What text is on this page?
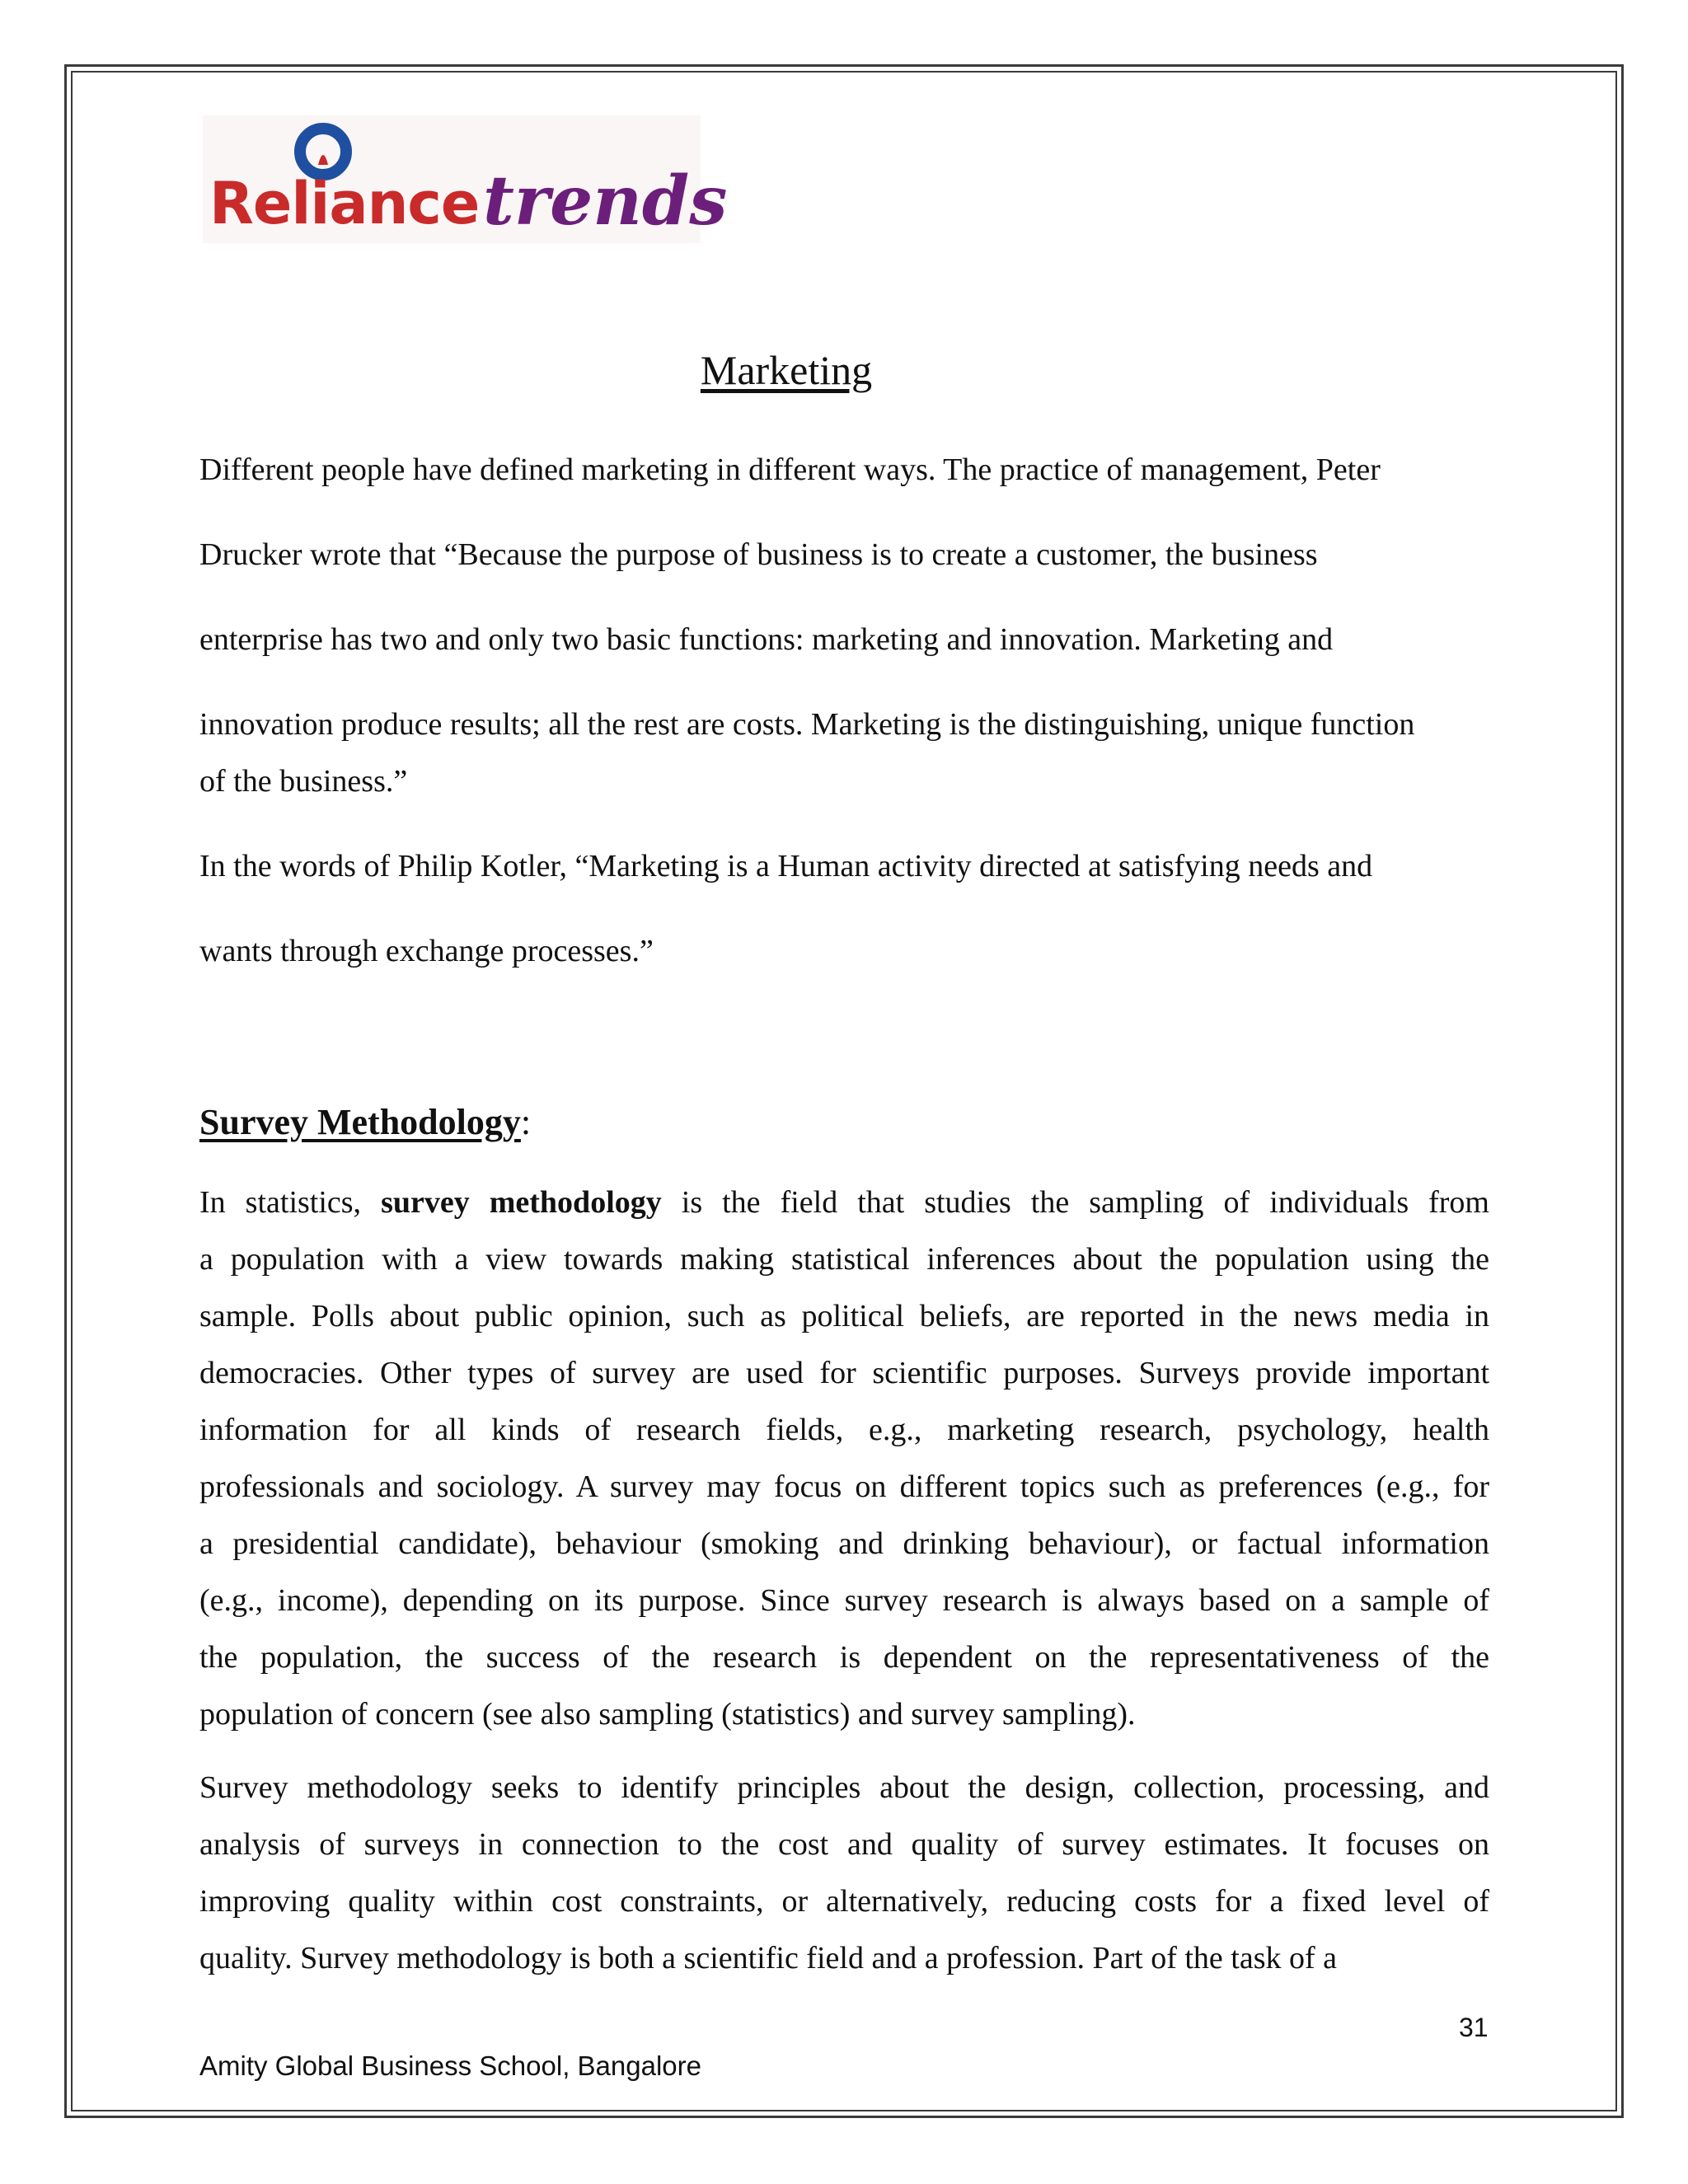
Reliance trends
Marketing
Different people have defined marketing in different ways. The practice of management, Peter
Drucker wrote that “Because the purpose of business is to create a customer, the business
enterprise has two and only two basic functions: marketing and innovation. Marketing and
innovation produce results; all the rest are costs. Marketing is the distinguishing, unique function
of the business.”
In the words of Philip Kotler, “Marketing is a Human activity directed at satisfying needs and
wants through exchange processes.”
Survey Methodology:
In statistics, survey methodology is the field that studies the sampling of individuals from
a population with a view towards making statistical inferences about the population using the
sample. Polls about public opinion, such as political beliefs, are reported in the news media in
democracies. Other types of survey are used for scientific purposes. Surveys provide important
information for all kinds of research fields, e.g., marketing research, psychology, health
professionals and sociology. A survey may focus on different topics such as preferences (e.g., for
a presidential candidate), behaviour (smoking and drinking behaviour), or factual information
(e.g., income), depending on its purpose. Since survey research is always based on a sample of
the population, the success of the research is dependent on the representativeness of the
population of concern (see also sampling (statistics) and survey sampling).
Survey methodology seeks to identify principles about the design, collection, processing, and
analysis of surveys in connection to the cost and quality of survey estimates. It focuses on
improving quality within cost constraints, or alternatively, reducing costs for a fixed level of
quality. Survey methodology is both a scientific field and a profession. Part of the task of a
31
Amity Global Business School, Bangalore
